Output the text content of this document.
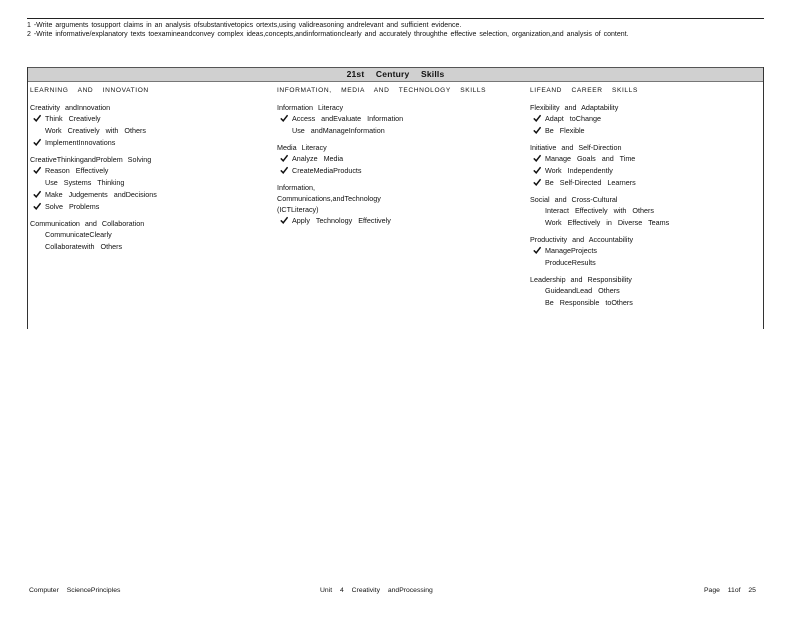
1 -Write arguments tosupport claims in an analysis ofsubstantivetopics ortexts,using validreasoning andrelevant and sufficient evidence.
2 -Write informative/explanatory texts toexamineandconvey complex ideas,concepts,andinformationclearly and accurately throughthe effective selection, organization,and analysis of content.
21st Century Skills
LEARNING AND INNOVATION
Creativity andInnovation
Think Creatively
Work Creatively with Others
ImplementInnovations
CreativeThinkingandProblem Solving
Reason Effectively
Use Systems Thinking
Make Judgements andDecisions
Solve Problems
Communication and Collaboration
CommunicateClearly
Collaboratewith Others
INFORMATION, MEDIA AND TECHNOLOGY SKILLS
Information Literacy
Access andEvaluate Information
Use andManageInformation
Media Literacy
Analyze Media
CreateMediaProducts
Information, Communications,andTechnology (ICTLiteracy)
Apply Technology Effectively
LIFEAND CAREER SKILLS
Flexibility and Adaptability
Adapt toChange
Be Flexible
Initiative and Self-Direction
Manage Goals and Time
Work Independently
Be Self-Directed Learners
Social and Cross-Cultural
Interact Effectively with Others
Work Effectively in Diverse Teams
Productivity and Accountability
ManageProjects
ProduceResults
Leadership and Responsibility
GuideandLead Others
Be Responsible toOthers
Computer SciencePrinciples	Unit 4 Creativity andProcessing	Page 11of 25
